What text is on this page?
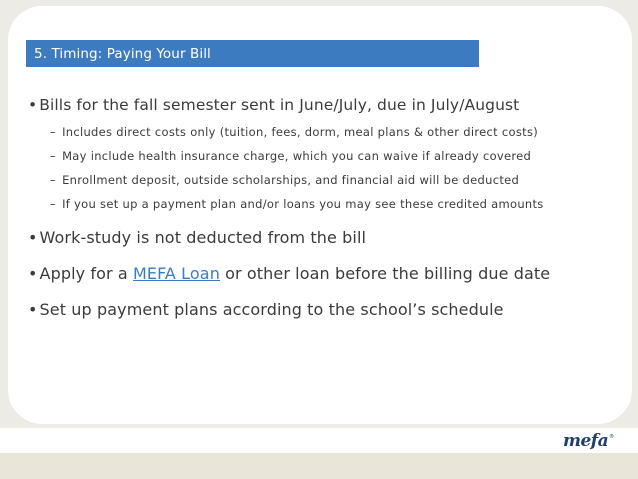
5. Timing: Paying Your Bill

• Bills for the fall semester sent in June/July, due in July/August

– Includes direct costs only (tuition, fees, dorm, meal plans & other direct costs)

– May include health insurance charge, which you can waive if already covered

– Enrollment deposit, outside scholarships, and financial aid will be deducted

– If you set up a payment plan and/or loans you may see these credited amounts

• Work-study is not deducted from the bill

• Apply for a MEFA Loan or other loan before the billing due date

• Set up payment plans according to the school’s schedule

mefa ®
